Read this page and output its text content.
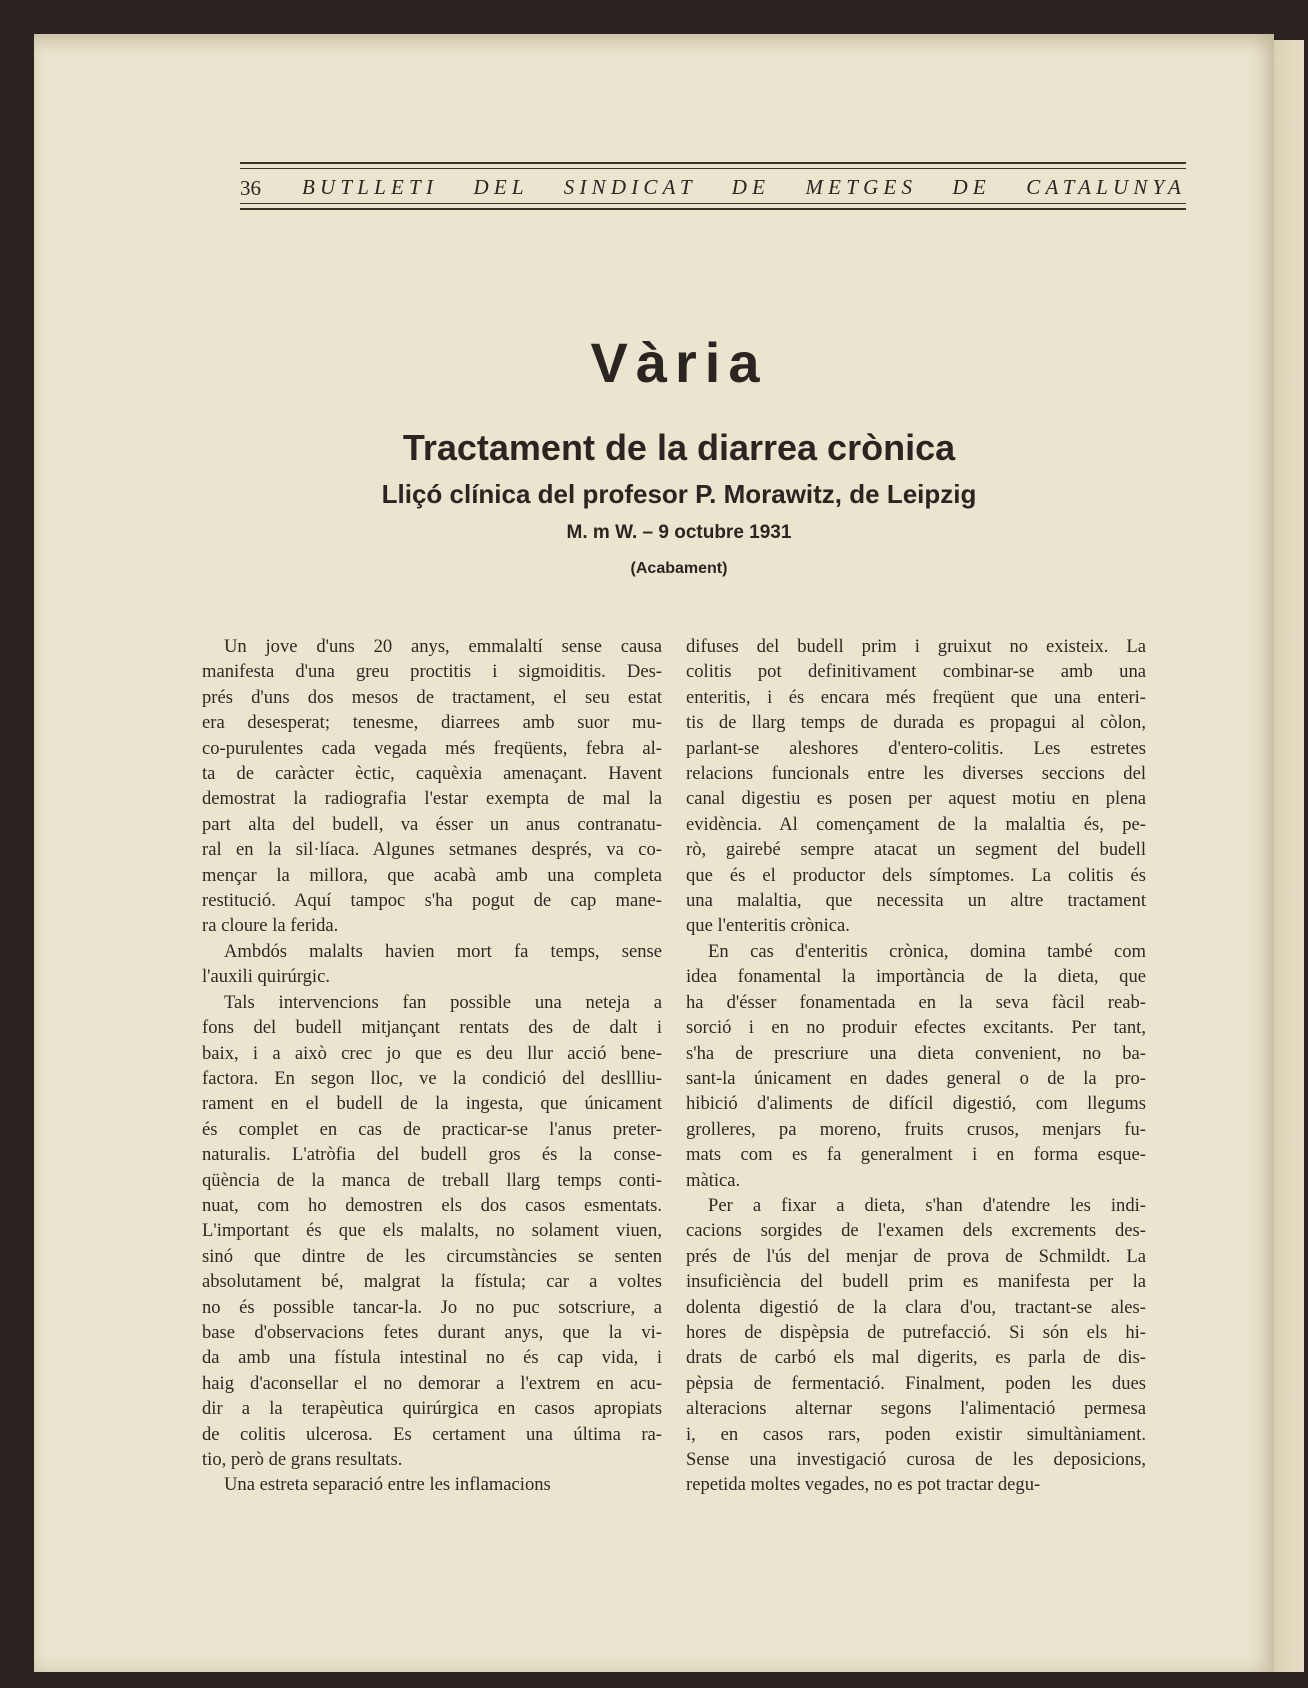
36 BUTLLETI DEL SINDICAT DE METGES DE CATALUNYA
Vària
Tractament de la diarrea crònica
Lliçó clínica del profesor P. Morawitz, de Leipzig
M. m W. – 9 octubre 1931
(Acabament)
Un jove d'uns 20 anys, emmalaltí sense causa
manifesta d'una greu proctitis i sigmoiditis. Des-
prés d'uns dos mesos de tractament, el seu estat
era desesperat; tenesme, diarrees amb suor mu-
co-purulentes cada vegada més freqüents, febra al-
ta de caràcter èctic, caquèxia amenaçant. Havent
demostrat la radiografia l'estar exempta de mal la
part alta del budell, va ésser un anus contranatu-
ral en la sil·líaca. Algunes setmanes després, va co-
mençar la millora, que acabà amb una completa
restitució. Aquí tampoc s'ha pogut de cap mane-
ra cloure la ferida.
Ambdós malalts havien mort fa temps, sense
l'auxili quirúrgic.
Tals intervencions fan possible una neteja a
fons del budell mitjançant rentats des de dalt i
baix, i a això crec jo que es deu llur acció bene-
factora. En segon lloc, ve la condició del desllliu-
rament en el budell de la ingesta, que únicament
és complet en cas de practicar-se l'anus preter-
naturalis. L'atròfia del budell gros és la conse-
qüència de la manca de treball llarg temps conti-
nuat, com ho demostren els dos casos esmentats.
L'important és que els malalts, no solament viuen,
sinó que dintre de les circumstàncies se senten
absolutament bé, malgrat la fístula; car a voltes
no és possible tancar-la. Jo no puc sotscriure, a
base d'observacions fetes durant anys, que la vi-
da amb una fístula intestinal no és cap vida, i
haig d'aconsellar el no demorar a l'extrem en acu-
dir a la terapèutica quirúrgica en casos apropiats
de colitis ulcerosa. Es certament una última ra-
tio, però de grans resultats.
Una estreta separació entre les inflamacions
difuses del budell prim i gruixut no existeix. La
colitis pot definitivament combinar-se amb una
enteritis, i és encara més freqüent que una enteri-
tis de llarg temps de durada es propagui al còlon,
parlant-se aleshores d'entero-colitis. Les estretes
relacions funcionals entre les diverses seccions del
canal digestiu es posen per aquest motiu en plena
evidència. Al començament de la malaltia és, pe-
rò, gairebé sempre atacat un segment del budell
que és el productor dels símptomes. La colitis és
una malaltia, que necessita un altre tractament
que l'enteritis crònica.
En cas d'enteritis crònica, domina també com
idea fonamental la importància de la dieta, que
ha d'ésser fonamentada en la seva fàcil reab-
sorció i en no produir efectes excitants. Per tant,
s'ha de prescriure una dieta convenient, no ba-
sant-la únicament en dades general o de la pro-
hibició d'aliments de difícil digestió, com llegums
grolleres, pa moreno, fruits crusos, menjars fu-
mats com es fa generalment i en forma esque-
màtica.
Per a fixar a dieta, s'han d'atendre les indi-
cacions sorgides de l'examen dels excrements des-
prés de l'ús del menjar de prova de Schmildt. La
insuficiència del budell prim es manifesta per la
dolenta digestió de la clara d'ou, tractant-se ales-
hores de dispèpsia de putrefacció. Si són els hi-
drats de carbó els mal digerits, es parla de dis-
pèpsia de fermentació. Finalment, poden les dues
alteracions alternar segons l'alimentació permesa
i, en casos rars, poden existir simultàniament.
Sense una investigació curosa de les deposicions,
repetida moltes vegades, no es pot tractar degu-
